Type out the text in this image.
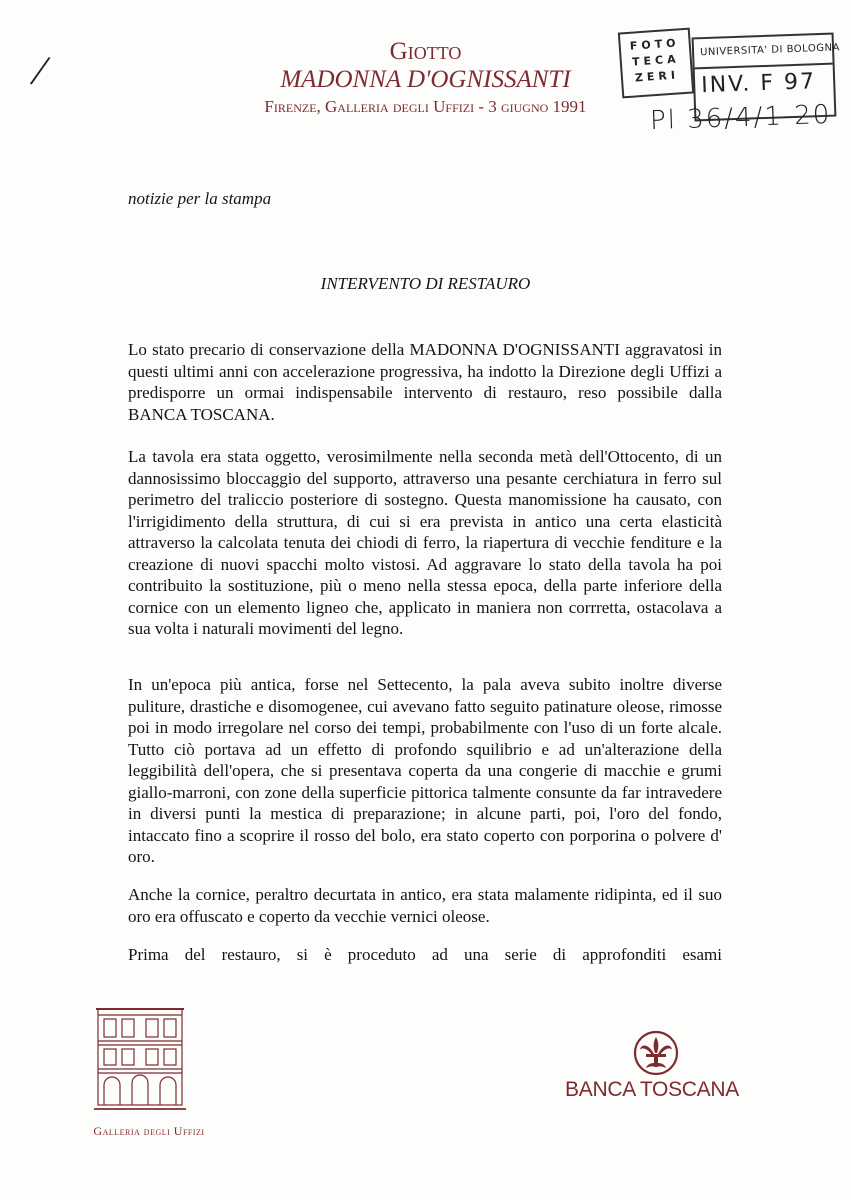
/	Giotto
MADONNA D'OGNISSANTI
Firenze, Galleria degli Uffizi - 3 giugno 1991
FOTO
TECA
ZERI
UNIVERSITA' DI BOLOGNA
INV. F 97
Pl 36/4/1-20
notizie per la stampa
INTERVENTO DI RESTAURO
Lo stato precario di conservazione della MADONNA D'OGNISSANTI aggravatosi in questi ultimi anni con accelerazione progressiva, ha indotto la Direzione degli Uffizi a predisporre un ormai indispensabile intervento di restauro, reso possibile dalla BANCA TOSCANA.
La tavola era stata oggetto, verosimilmente nella seconda metà dell'Ottocento, di un dannosissimo bloccaggio del supporto, attraverso una pesante cerchiatura in ferro sul perimetro del traliccio posteriore di sostegno. Questa manomissione ha causato, con l'irrigidimento della struttura, di cui si era prevista in antico una certa elasticità attraverso la calcolata tenuta dei chiodi di ferro, la riapertura di vecchie fenditure e la creazione di nuovi spacchi molto vistosi. Ad aggravare lo stato della tavola ha poi contribuito la sostituzione, più o meno nella stessa epoca, della parte inferiore della cornice con un elemento ligneo che, applicato in maniera non corrretta, ostacolava a sua volta i naturali movimenti del legno.
In un'epoca più antica, forse nel Settecento, la pala aveva subito inoltre diverse puliture, drastiche e disomogenee, cui avevano fatto seguito patinature oleose, rimosse poi in modo irregolare nel corso dei tempi, probabilmente con l'uso di un forte alcale. Tutto ciò portava ad un effetto di profondo squilibrio e ad un'alterazione della leggibilità dell'opera, che si presentava coperta da una congerie di macchie e grumi giallo-marroni, con zone della superficie pittorica talmente consunte da far intravedere in diversi punti la mestica di preparazione; in alcune parti, poi, l'oro del fondo, intaccato fino a scoprire il rosso del bolo, era stato coperto con porporina o polvere d' oro.
Anche la cornice, peraltro decurtata in antico, era stata malamente ridipinta, ed il suo oro era offuscato e coperto da vecchie vernici oleose.
Prima del restauro, si è proceduto ad una serie di approfonditi esami
Galleria degli Uffizi
BANCA TOSCANA
